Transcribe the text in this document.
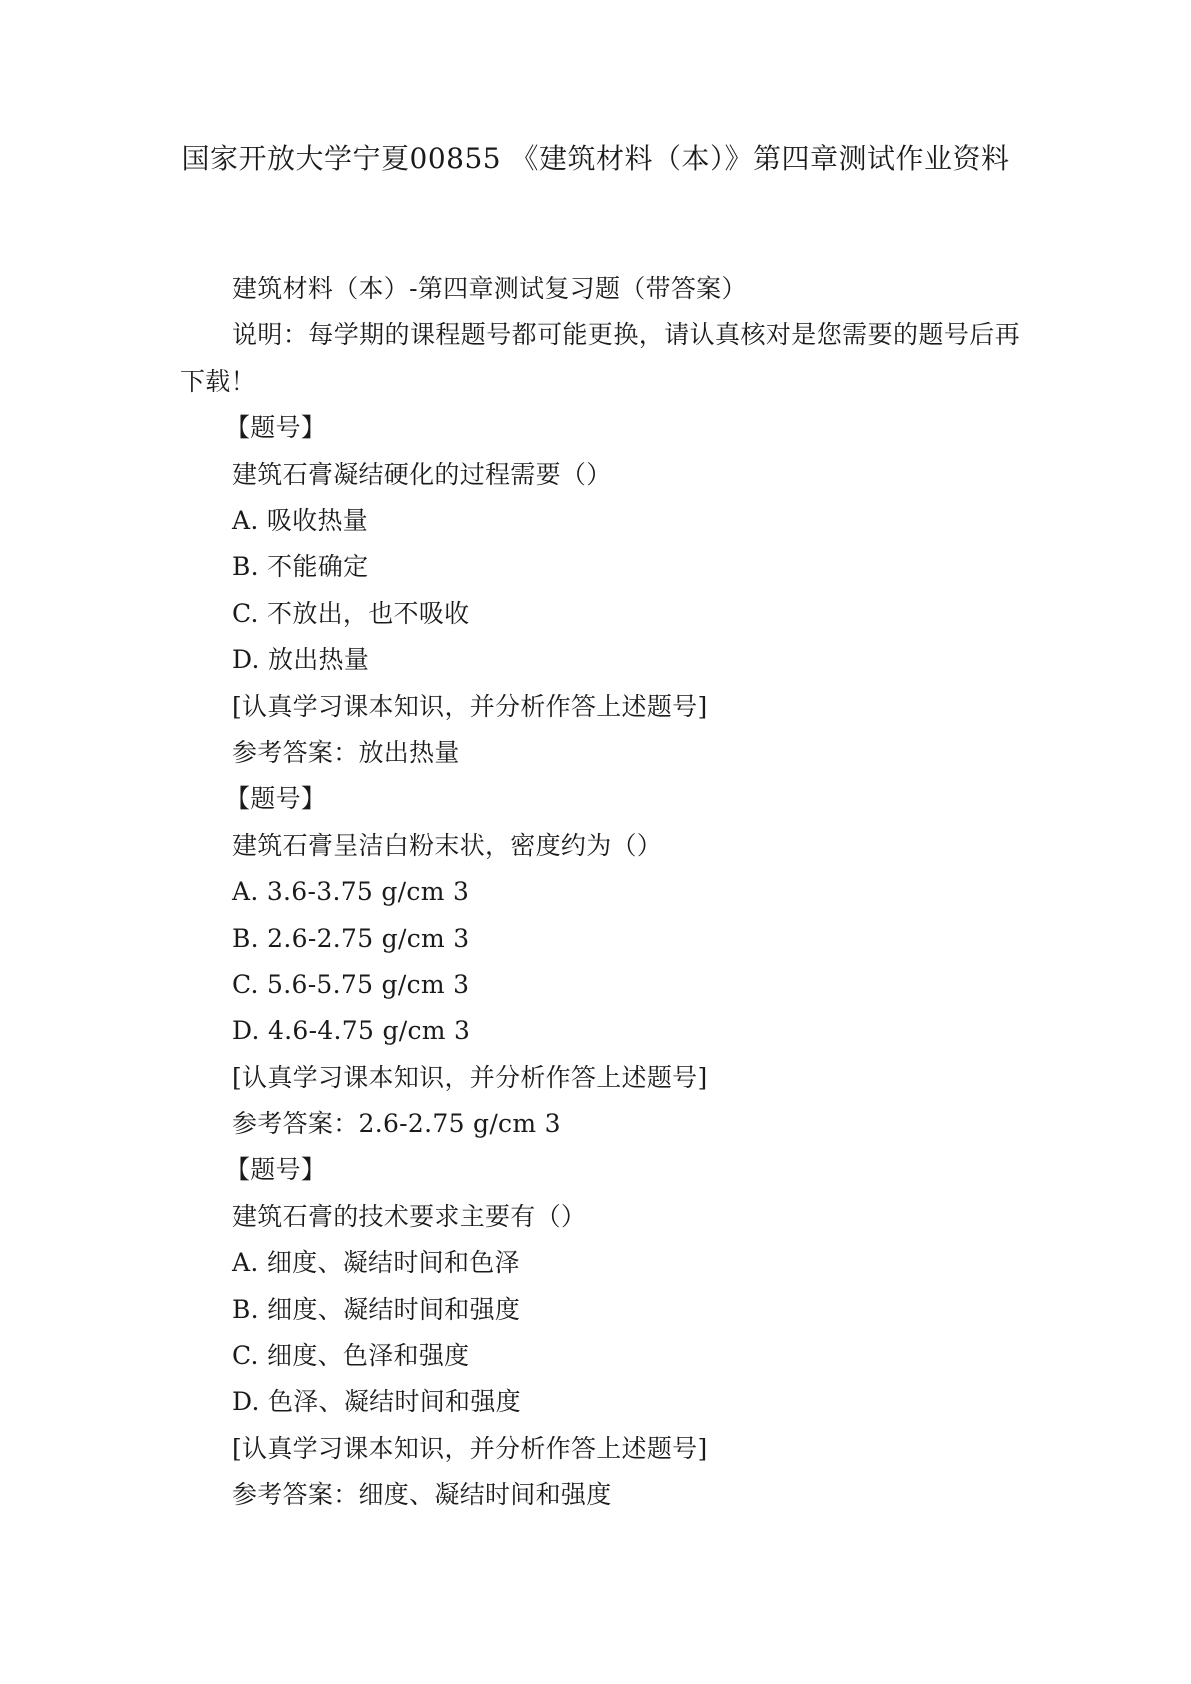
国家开放大学宁夏00855 《建筑材料（本）》第四章测试作业资料
建筑材料（本）-第四章测试复习题（带答案）
说明：每学期的课程题号都可能更换，请认真核对是您需要的题号后再下载！
【题号】
建筑石膏凝结硬化的过程需要（）
A. 吸收热量
B. 不能确定
C. 不放出，也不吸收
D. 放出热量
[认真学习课本知识，并分析作答上述题号]
参考答案：放出热量
【题号】
建筑石膏呈洁白粉末状，密度约为（）
A. 3.6-3.75 g∕cm 3
B. 2.6-2.75 g∕cm 3
C. 5.6-5.75 g∕cm 3
D. 4.6-4.75 g∕cm 3
[认真学习课本知识，并分析作答上述题号]
参考答案：2.6-2.75 g∕cm 3
【题号】
建筑石膏的技术要求主要有（）
A. 细度、凝结时间和色泽
B. 细度、凝结时间和强度
C. 细度、色泽和强度
D. 色泽、凝结时间和强度
[认真学习课本知识，并分析作答上述题号]
参考答案：细度、凝结时间和强度
